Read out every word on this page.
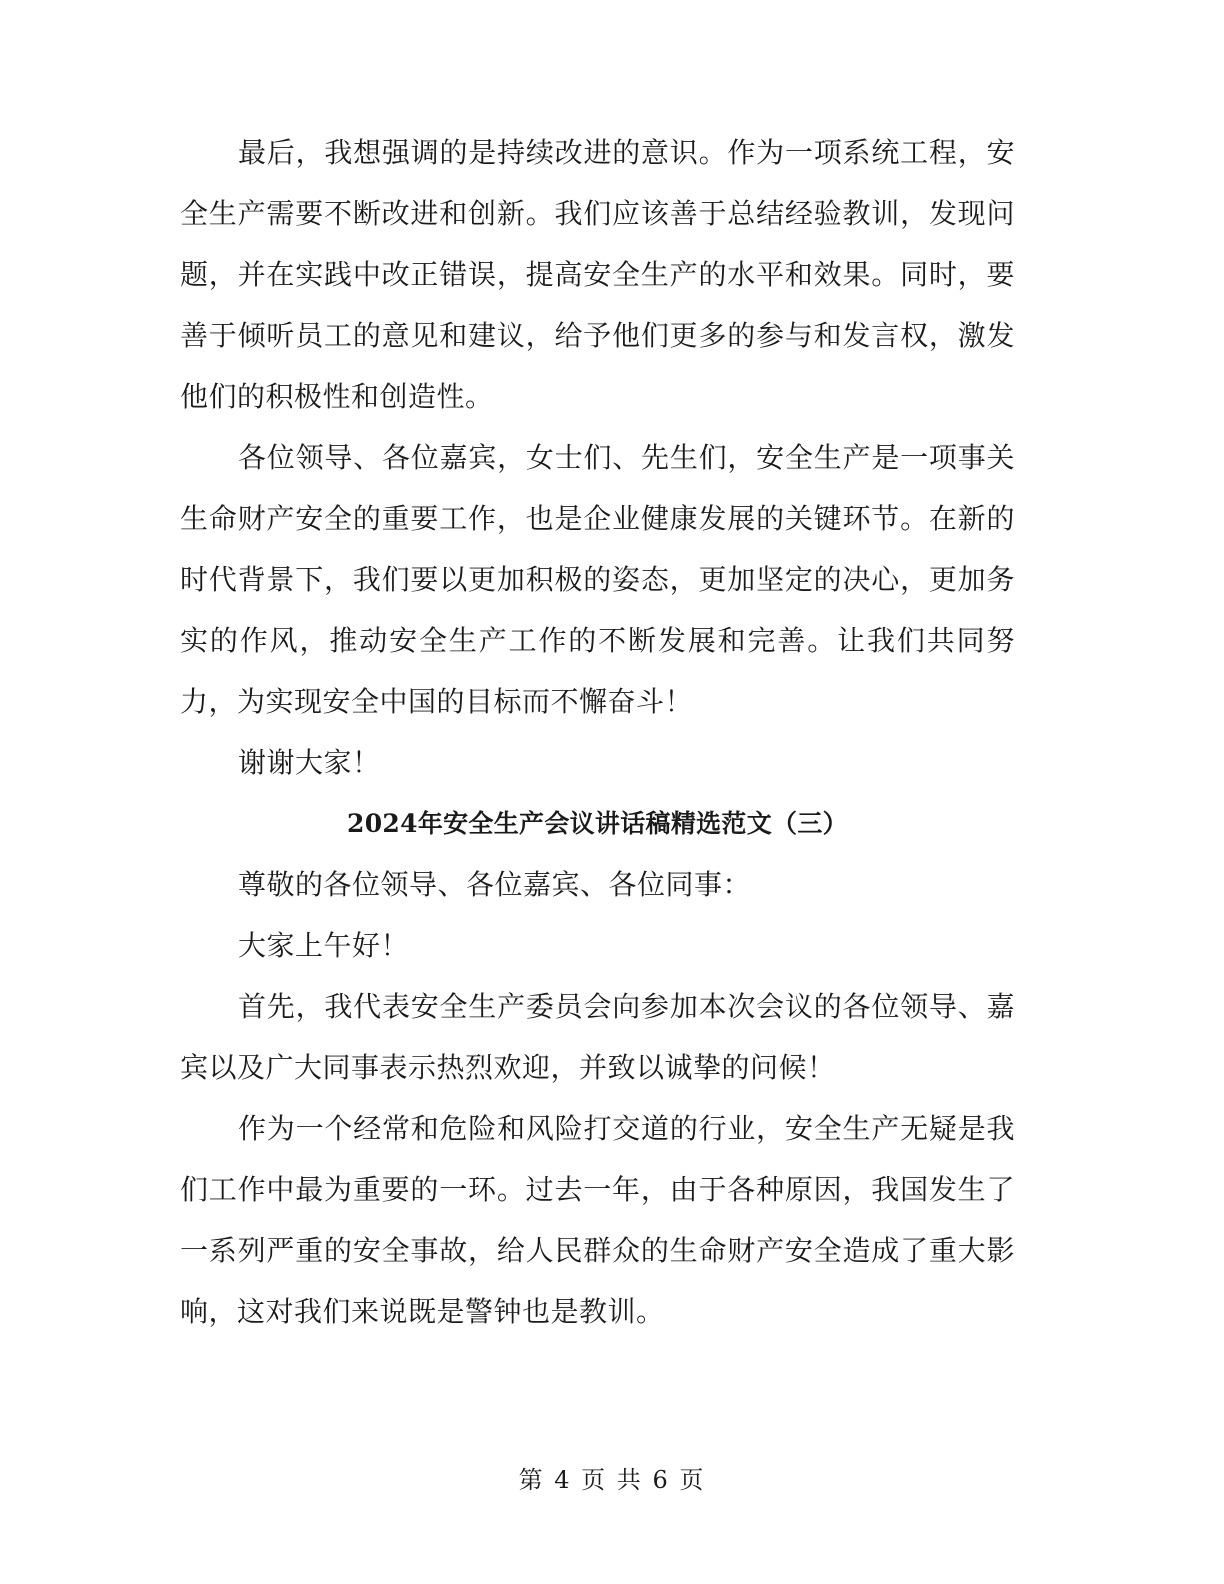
最后，我想强调的是持续改进的意识。作为一项系统工程，安全生产需要不断改进和创新。我们应该善于总结经验教训，发现问题，并在实践中改正错误，提高安全生产的水平和效果。同时，要善于倾听员工的意见和建议，给予他们更多的参与和发言权，激发他们的积极性和创造性。

各位领导、各位嘉宾，女士们、先生们，安全生产是一项事关生命财产安全的重要工作，也是企业健康发展的关键环节。在新的时代背景下，我们要以更加积极的姿态，更加坚定的决心，更加务实的作风，推动安全生产工作的不断发展和完善。让我们共同努力，为实现安全中国的目标而不懈奋斗！

谢谢大家！

2024年安全生产会议讲话稿精选范文（三）

尊敬的各位领导、各位嘉宾、各位同事：

大家上午好！

首先，我代表安全生产委员会向参加本次会议的各位领导、嘉宾以及广大同事表示热烈欢迎，并致以诚挚的问候！

作为一个经常和危险和风险打交道的行业，安全生产无疑是我们工作中最为重要的一环。过去一年，由于各种原因，我国发生了一系列严重的安全事故，给人民群众的生命财产安全造成了重大影响，这对我们来说既是警钟也是教训。

第 4 页 共 6 页
